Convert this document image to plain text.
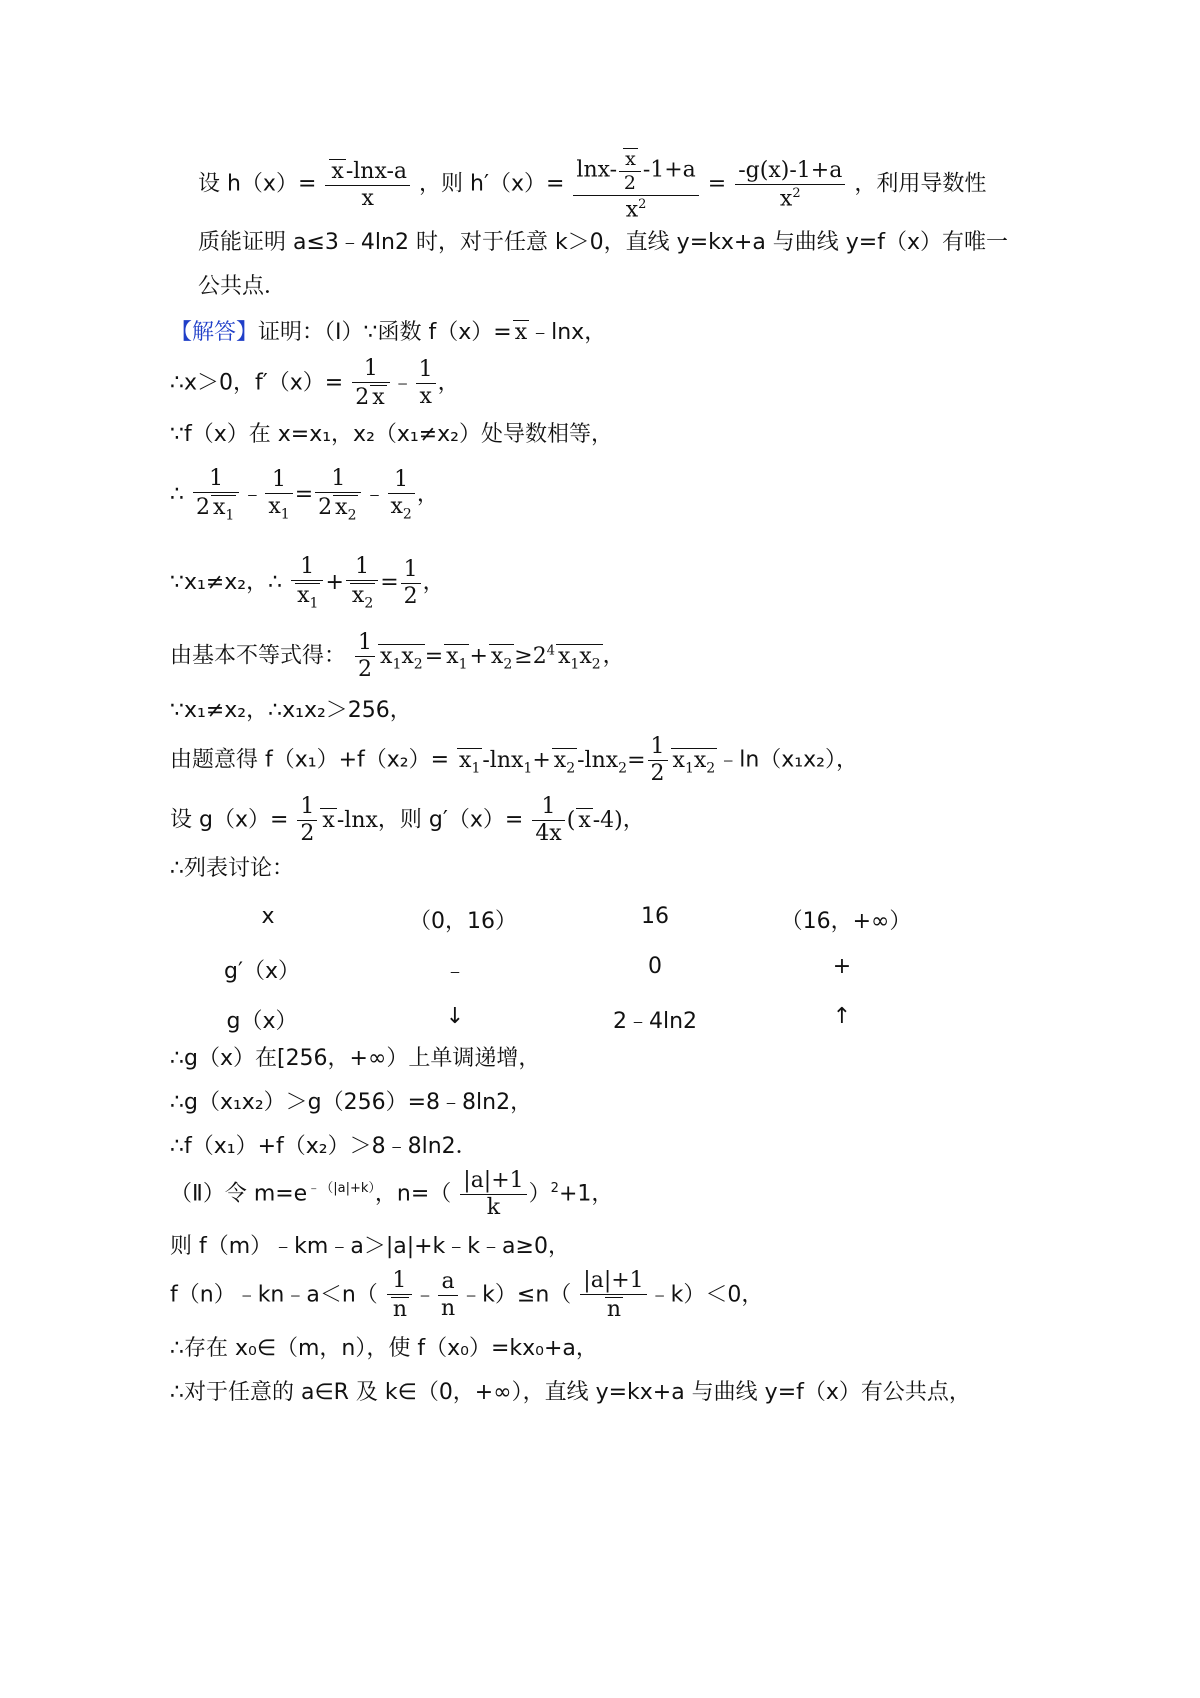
设 $h(x)= \frac{x-\ln x-a}{x}$ ，则 $h'(x)= \frac{\ln x- \frac{x}{2} -1+a}{x^2} = \frac{-g(x)-1+a}{x^2}$ ，利用导数性
质能证明 a≤3﹣4ln2 时，对于任意 k＞0，直线 y=kx+a 与曲线 y=f（x）有唯一
公共点．
【解答】证明：（Ⅰ）∵函数 f（x）= x﹣lnx，
∴x＞0，$f'(x)= \frac{1}{2 x}$ ﹣ $\frac{1}{x}$ ，
∵f（x）在 x=x₁，x₂（x₁≠x₂）处导数相等，
∴ $\frac{1}{2 x_1}$ ﹣ $\frac{1}{x_1} = \frac{1}{2 x_2}$ ﹣ $\frac{1}{x_2}$ ，
∵x₁≠x₂，∴ $\frac{1}{x_1} + \frac{1}{x_2} = \frac{1}{2}$ ，
由基本不等式得： $\frac{1}{2} x_1x_2= x_1+ x_2\ge 2^4$ $x_1x_2$，
∵x₁≠x₂，∴x₁x₂＞256，
由题意得 $f(x_1)+f(x_2)= x_1-\ln x_1+ x_2-\ln x_2= \frac{1}{2}$ $x_1x_2﹣\ln(x_1x_2)$，
设 $g(x)= \frac{1}{2} x-\ln x$，则 $g'(x)= \frac{1}{4x}$ ( x-4)，
∴列表讨论：
x	（0，16）	16	（16，+∞）
g′（x）	﹣	0	+
g（x）	↓	2﹣4ln2	↑
∴g（x）在[256，+∞）上单调递增，
∴g（x₁x₂）＞g（256）=8﹣8ln2，
∴f（x₁）+f（x₂）＞8﹣8ln2．
（Ⅱ）令 $m=e^{﹣(|a|+k)}$，$n=( \frac{|a|+1}{k} )^2+1$，
则 f（m）﹣km﹣a＞|a|+k﹣k﹣a≥0，
f（n）﹣kn﹣a＜n（ $\frac{1}{n}$ ﹣ $\frac{a}{n}$ ﹣k）≤n（ $\frac{|a|+1}{n}$ ﹣k）＜0，
∴存在 x₀∈（m，n），使 f（x₀）=kx₀+a，
∴对于任意的 a∈R 及 k∈（0，+∞），直线 y=kx+a 与曲线 y=f（x）有公共点，
